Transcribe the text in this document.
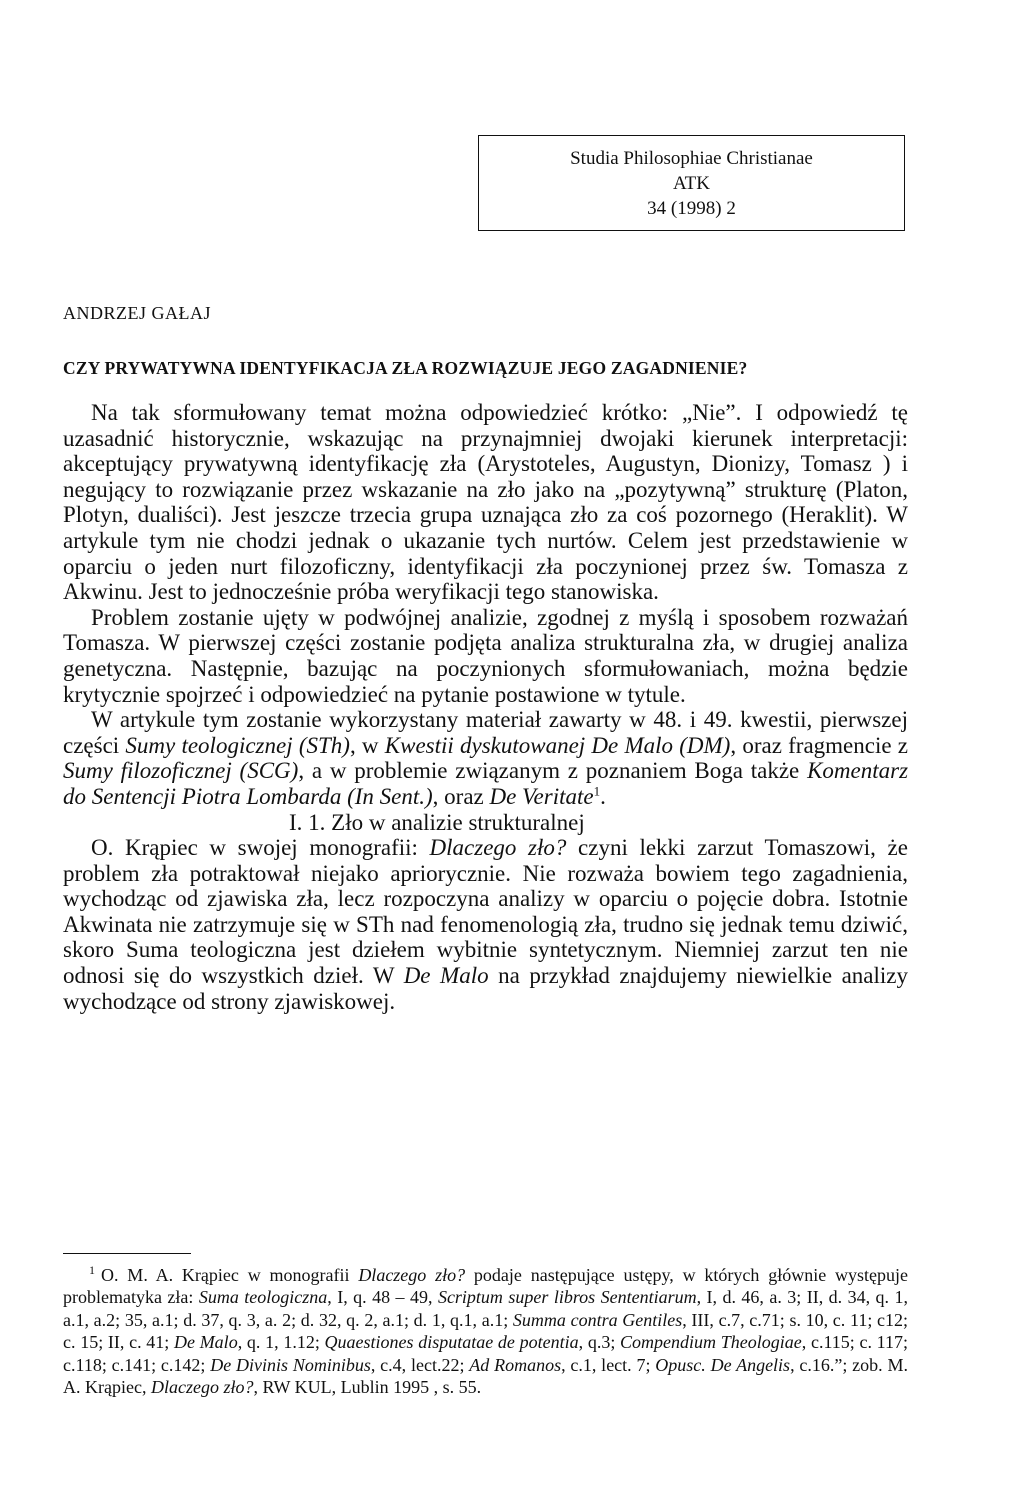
Studia Philosophiae Christianae
ATK
34 (1998) 2
ANDRZEJ GAŁAJ
CZY PRYWATYWNA IDENTYFIKACJA ZŁA ROZWIĄZUJE JEGO ZAGADNIENIE?

Na tak sformułowany temat można odpowiedzieć krótko: „Nie”. I odpowiedź tę uzasadnić historycznie, wskazując na przynajmniej dwojaki kierunek interpretacji: akceptujący prywatywną identyfikację zła (Arystoteles, Augustyn, Dionizy, Tomasz ) i negujący to rozwiązanie przez wskazanie na zło jako na „pozytywną” strukturę (Platon, Plotyn, dualiści). Jest jeszcze trzecia grupa uznająca zło za coś pozornego (Heraklit). W artykule tym nie chodzi jednak o ukazanie tych nurtów. Celem jest przedstawienie w oparciu o jeden nurt filozoficzny, identyfikacji zła poczynionej przez św. Tomasza z Akwinu. Jest to jednocześnie próba weryfikacji tego stanowiska.

Problem zostanie ujęty w podwójnej analizie, zgodnej z myślą i sposobem rozważań Tomasza. W pierwszej części zostanie podjęta analiza strukturalna zła, w drugiej analiza genetyczna. Następnie, bazując na poczynionych sformułowaniach, można będzie krytycznie spojrzeć i odpowiedzieć na pytanie postawione w tytule.

W artykule tym zostanie wykorzystany materiał zawarty w 48. i 49. kwestii, pierwszej części Sumy teologicznej (STh), w Kwestii dyskutowanej De Malo (DM), oraz fragmencie z Sumy filozoficznej (SCG), a w problemie związanym z poznaniem Boga także Komentarz do Sentencji Piotra Lombarda (In Sent.), oraz De Veritate$^1$.

I. 1. Zło w analizie strukturalnej

O. Krąpiec w swojej monografii: Dlaczego zło? czyni lekki zarzut Tomaszowi, że problem zła potraktował niejako apriorycznie. Nie rozważa bowiem tego zagadnienia, wychodząc od zjawiska zła, lecz rozpoczyna analizy w oparciu o pojęcie dobra. Istotnie Akwinata nie zatrzymuje się w STh nad fenomenologią zła, trudno się jednak temu dziwić, skoro Suma teologiczna jest dziełem wybitnie syntetycznym. Niemniej zarzut ten nie odnosi się do wszystkich dzieł. W De Malo na przykład znajdujemy niewielkie analizy wychodzące od strony zjawiskowej.

$^1$ O. M. A. Krąpiec w monografii Dlaczego zło? podaje następujące ustępy, w których głównie występuje problematyka zła: Suma teologiczna, I, q. 48 – 49, Scriptum super libros Sententiarum, I, d. 46, a. 3; II, d. 34, q. 1, a.1, a.2; 35, a.1; d. 37, q. 3, a. 2; d. 32, q. 2, a.1; d. 1, q.1, a.1; Summa contra Gentiles, III, c.7, c.71; s. 10, c. 11; c12; c. 15; II, c. 41; De Malo, q. 1, 1.12; Quaestiones disputatae de potentia, q.3; Compendium Theologiae, c.115; c. 117; c.118; c.141; c.142; De Divinis Nominibus, c.4, lect.22; Ad Romanos, c.1, lect. 7; Opusc. De Angelis, c.16.”; zob. M. A. Krąpiec, Dlaczego zło?, RW KUL, Lublin 1995 , s. 55.
